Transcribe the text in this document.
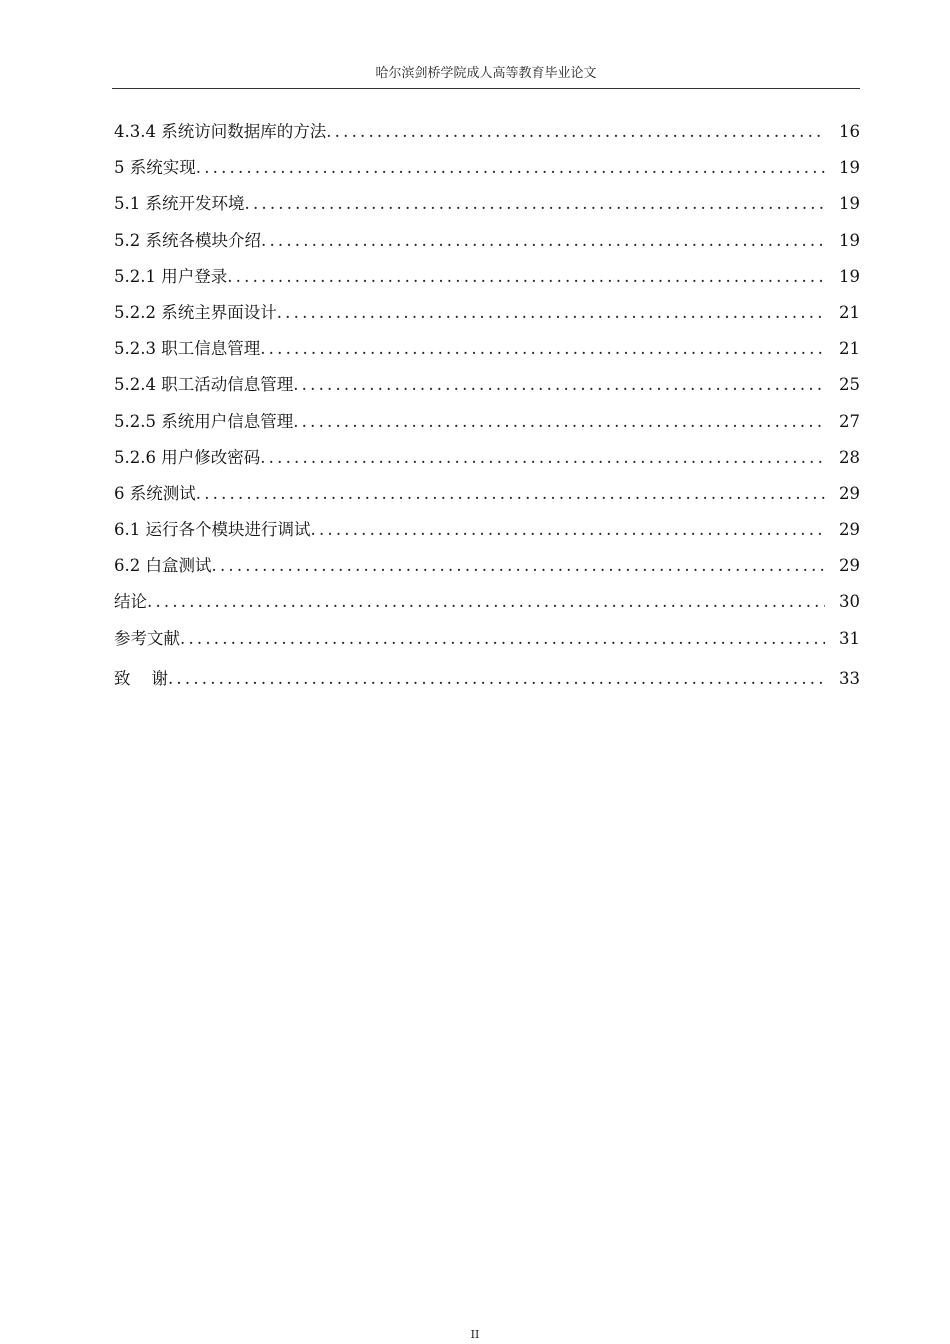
哈尔滨剑桥学院成人高等教育毕业论文
4.3.4 系统访问数据库的方法 .....	16
5 系统实现 .....	19
5.1 系统开发环境 .....	19
5.2 系统各模块介绍 .....	19
5.2.1 用户登录 .....	19
5.2.2 系统主界面设计 .....	21
5.2.3 职工信息管理 .....	21
5.2.4 职工活动信息管理 .....	25
5.2.5 系统用户信息管理 .....	27
5.2.6 用户修改密码 .....	28
6 系统测试 .....	29
6.1 运行各个模块进行调试 .....	29
6.2 白盒测试 .....	29
结论 .....	30
参考文献 .....	31
致    谢 .....	33
II
